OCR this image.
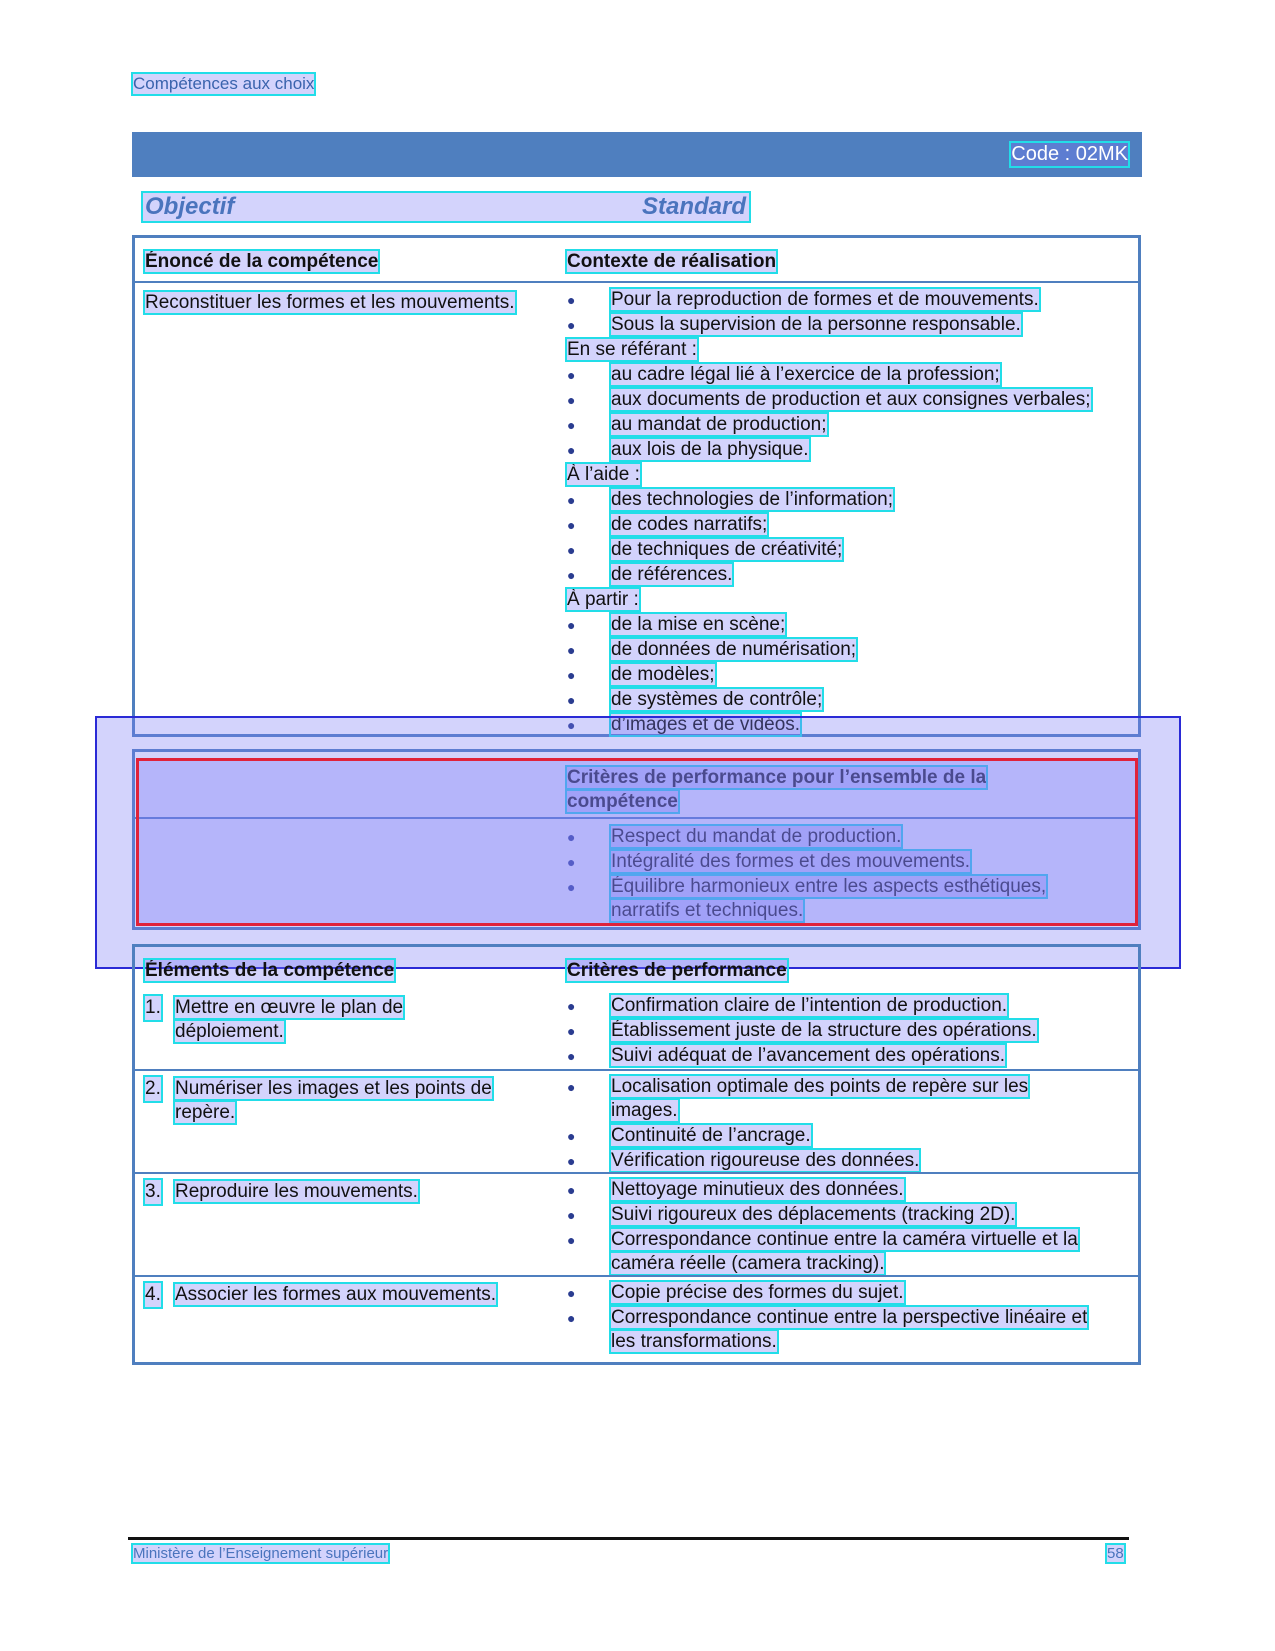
Compétences aux choix
Code : 02MK
Objectif	Standard
Énoncé de la compétence	Contexte de réalisation
Reconstituer les formes et les mouvements.	● Pour la reproduction de formes et de mouvements.
● Sous la supervision de la personne responsable.
En se référant :
● au cadre légal lié à l’exercice de la profession;
● aux documents de production et aux consignes verbales;
● au mandat de production;
● aux lois de la physique.
À l’aide :
● des technologies de l’information;
● de codes narratifs;
● de techniques de créativité;
● de références.
À partir :
● de la mise en scène;
● de données de numérisation;
● de modèles;
● de systèmes de contrôle;
● d’images et de vidéos.
Critères de performance pour l’ensemble de la
compétence
● Respect du mandat de production.
● Intégralité des formes et des mouvements.
● Équilibre harmonieux entre les aspects esthétiques,
narratifs et techniques.
Éléments de la compétence	Critères de performance
1. Mettre en œuvre le plan de
déploiement.
● Confirmation claire de l’intention de production.
● Établissement juste de la structure des opérations.
● Suivi adéquat de l’avancement des opérations.
2. Numériser les images et les points de
repère.
● Localisation optimale des points de repère sur les
images.
● Continuité de l’ancrage.
● Vérification rigoureuse des données.
3. Reproduire les mouvements.	● Nettoyage minutieux des données.
● Suivi rigoureux des déplacements (tracking 2D).
● Correspondance continue entre la caméra virtuelle et la
caméra réelle (camera tracking).
4. Associer les formes aux mouvements.	● Copie précise des formes du sujet.
● Correspondance continue entre la perspective linéaire et
les transformations.
Ministère de l’Enseignement supérieur	58
